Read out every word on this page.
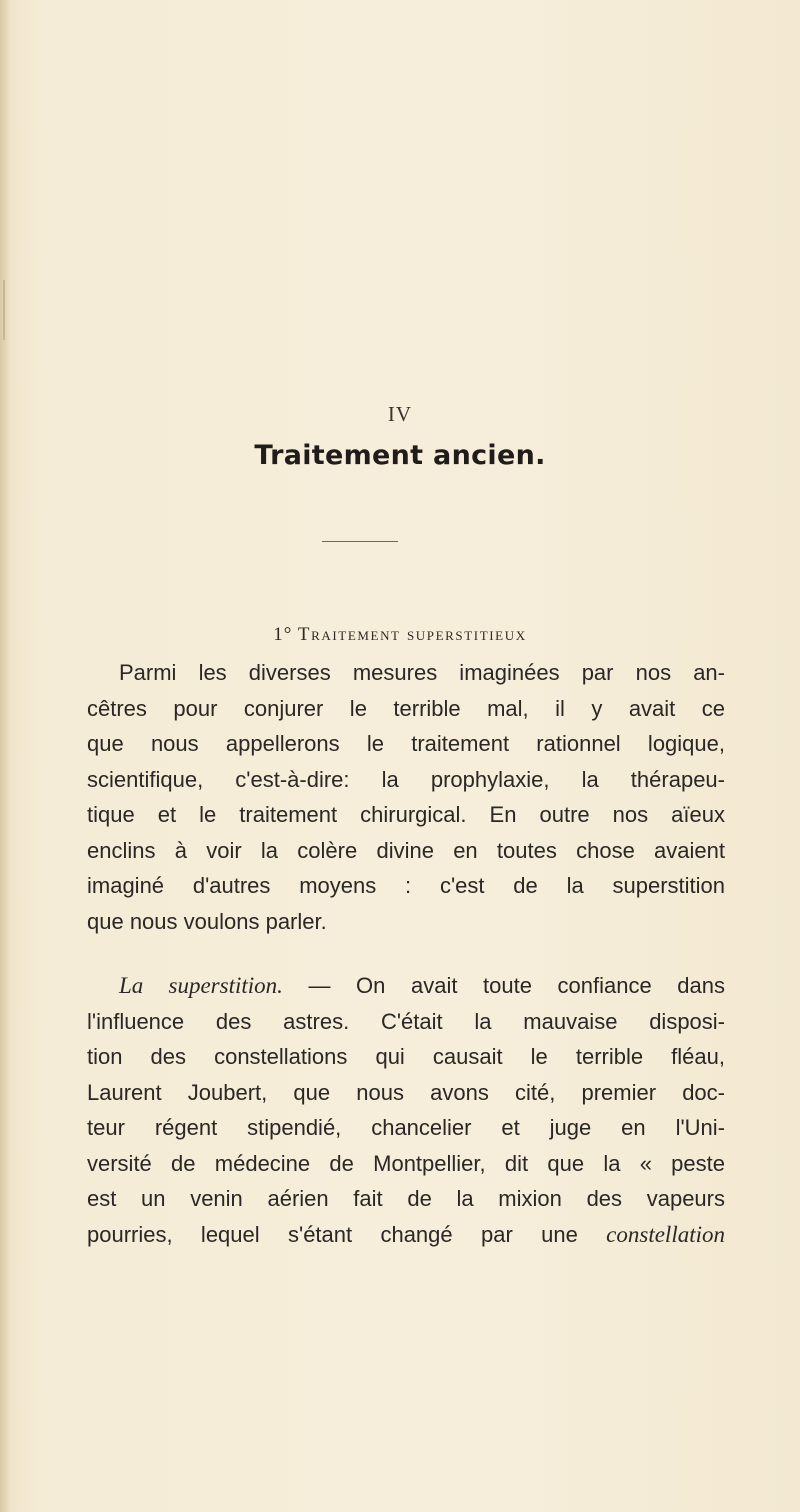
IV
Traitement ancien.
1° Traitement superstitieux
Parmi les diverses mesures imaginées par nos an-
cêtres pour conjurer le terrible mal, il y avait ce
que nous appellerons le traitement rationnel logique,
scientifique, c'est-à-dire: la prophylaxie, la thérapeu-
tique et le traitement chirurgical. En outre nos aïeux
enclins à voir la colère divine en toutes chose avaient
imaginé d'autres moyens : c'est de la superstition
que nous voulons parler.
La superstition. — On avait toute confiance dans
l'influence des astres. C'était la mauvaise disposi-
tion des constellations qui causait le terrible fléau,
Laurent Joubert, que nous avons cité, premier doc-
teur régent stipendié, chancelier et juge en l'Uni-
versité de médecine de Montpellier, dit que la « peste
est un venin aérien fait de la mixion des vapeurs
pourries, lequel s'étant changé par une constellation
